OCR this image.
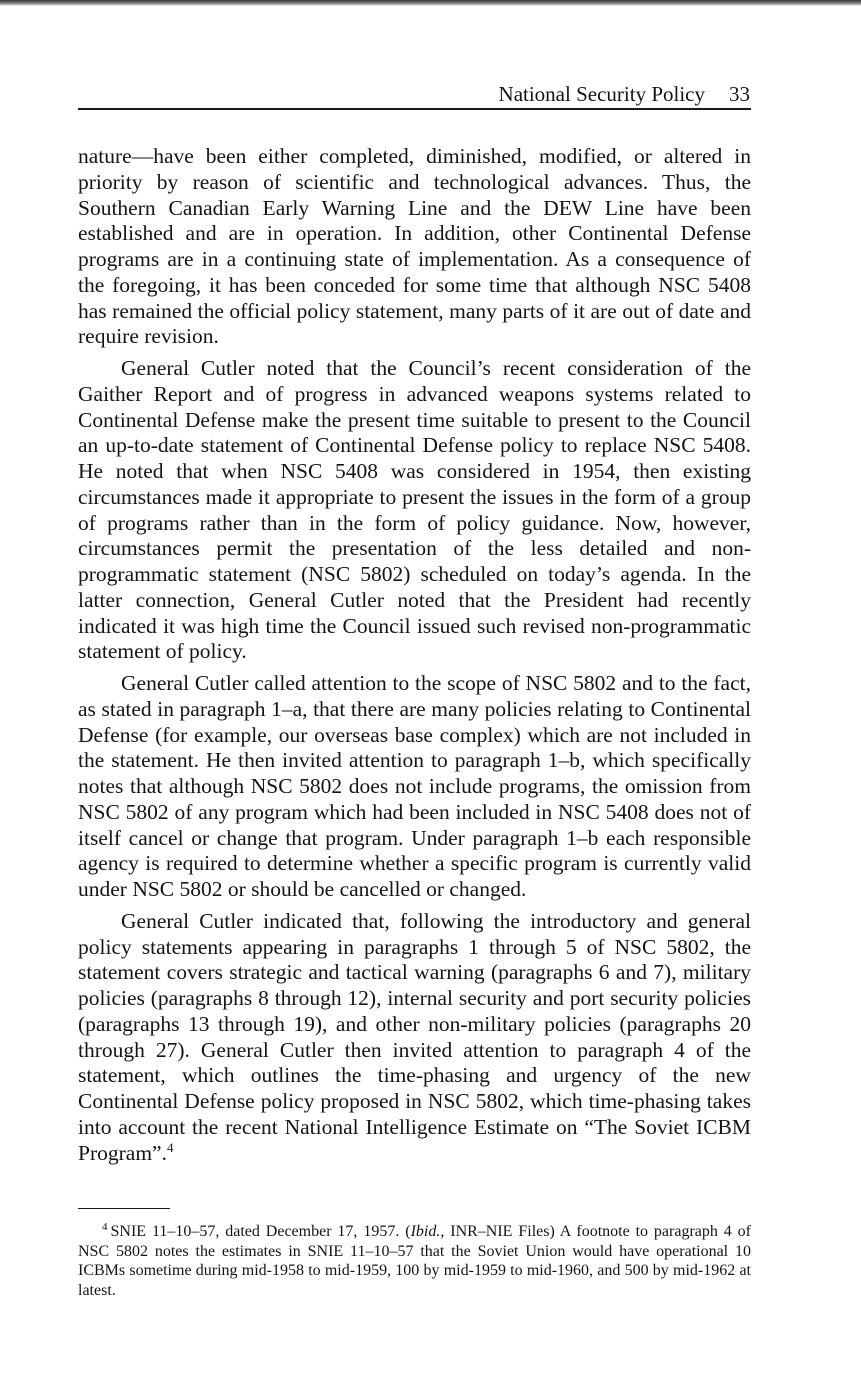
National Security Policy 33

nature—have been either completed, diminished, modified, or altered in priority by reason of scientific and technological advances. Thus, the Southern Canadian Early Warning Line and the DEW Line have been established and are in operation. In addition, other Continental Defense programs are in a continuing state of implementation. As a consequence of the foregoing, it has been conceded for some time that although NSC 5408 has remained the official policy statement, many parts of it are out of date and require revision.

General Cutler noted that the Council’s recent consideration of the Gaither Report and of progress in advanced weapons systems related to Continental Defense make the present time suitable to present to the Council an up-to-date statement of Continental Defense policy to replace NSC 5408. He noted that when NSC 5408 was considered in 1954, then existing circumstances made it appropriate to present the issues in the form of a group of programs rather than in the form of policy guidance. Now, however, circumstances permit the presentation of the less detailed and non-programmatic statement (NSC 5802) scheduled on today’s agenda. In the latter connection, General Cutler noted that the President had recently indicated it was high time the Council issued such revised non-programmatic statement of policy.

General Cutler called attention to the scope of NSC 5802 and to the fact, as stated in paragraph 1–a, that there are many policies relating to Continental Defense (for example, our overseas base complex) which are not included in the statement. He then invited attention to paragraph 1–b, which specifically notes that although NSC 5802 does not include programs, the omission from NSC 5802 of any program which had been included in NSC 5408 does not of itself cancel or change that program. Under paragraph 1–b each responsible agency is required to determine whether a specific program is currently valid under NSC 5802 or should be cancelled or changed.

General Cutler indicated that, following the introductory and general policy statements appearing in paragraphs 1 through 5 of NSC 5802, the statement covers strategic and tactical warning (paragraphs 6 and 7), military policies (paragraphs 8 through 12), internal security and port security policies (paragraphs 13 through 19), and other non-military policies (paragraphs 20 through 27). General Cutler then invited attention to paragraph 4 of the statement, which outlines the time-phasing and urgency of the new Continental Defense policy proposed in NSC 5802, which time-phasing takes into account the recent National Intelligence Estimate on “The Soviet ICBM Program”.$^4$

$^4$ SNIE 11–10–57, dated December 17, 1957. (Ibid., INR–NIE Files) A footnote to paragraph 4 of NSC 5802 notes the estimates in SNIE 11–10–57 that the Soviet Union would have operational 10 ICBMs sometime during mid-1958 to mid-1959, 100 by mid-1959 to mid-1960, and 500 by mid-1962 at latest.
